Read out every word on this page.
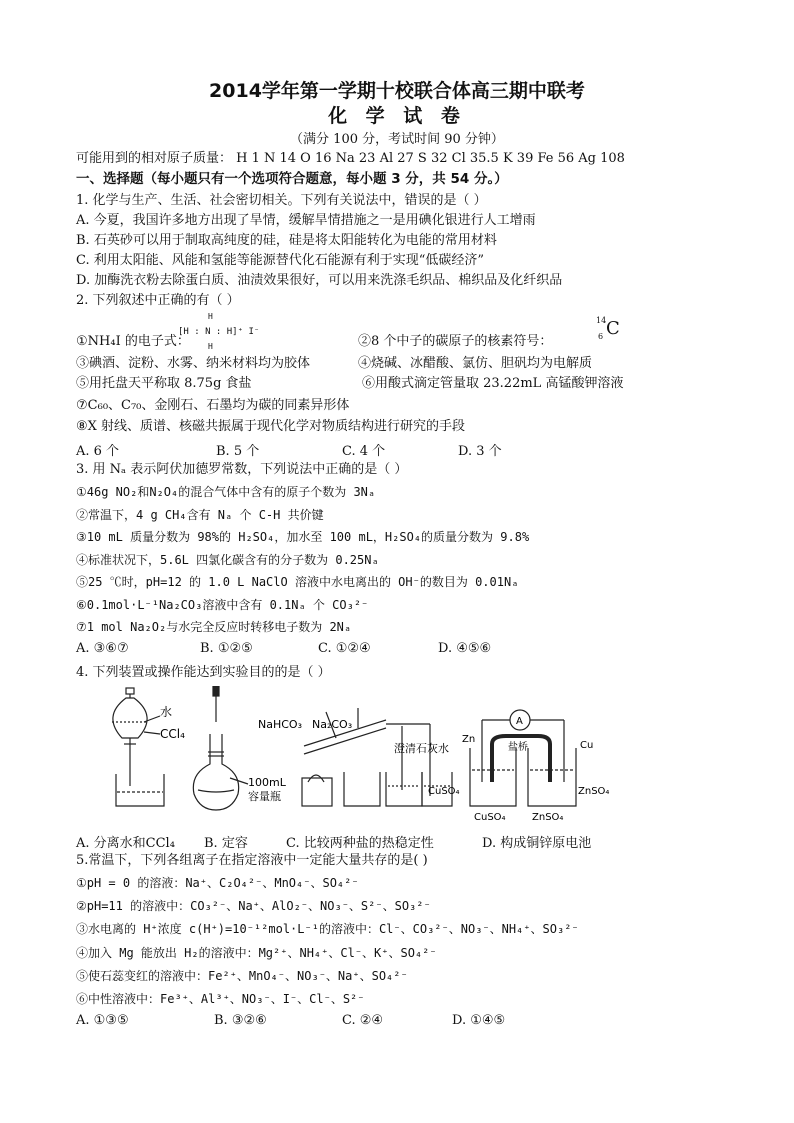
2014学年第一学期十校联合体高三期中联考
化 学 试 卷
（满分 100 分，考试时间 90 分钟）
可能用到的相对原子质量： H 1 N 14 O 16 Na 23 Al 27 S 32 Cl 35.5 K 39 Fe 56 Ag 108
一、选择题（每小题只有一个选项符合题意，每小题 3 分，共 54 分。）
1. 化学与生产、生活、社会密切相关。下列有关说法中，错误的是（ ）
A. 今夏，我国许多地方出现了旱情，缓解旱情措施之一是用碘化银进行人工增雨
B. 石英砂可以用于制取高纯度的硅，硅是将太阳能转化为电能的常用材料
C. 利用太阳能、风能和氢能等能源替代化石能源有利于实现“低碳经济”
D. 加酶洗衣粉去除蛋白质、油渍效果很好，可以用来洗涤毛织品、棉织品及化纤织品
2. 下列叙述中正确的有（ ）
①NH₄I 的电子式：
H
[H : N : H]⁺ I⁻
H	②8 个中子的碳原子的核素符号：
14
6 C
③碘酒、淀粉、水雾、纳米材料均为胶体	④烧碱、冰醋酸、氯仿、胆矾均为电解质
⑤用托盘天平称取 8.75g 食盐	⑥用酸式滴定管量取 23.22mL 高锰酸钾溶液
⑦C₆₀、C₇₀、金刚石、石墨均为碳的同素异形体
⑧X 射线、质谱、核磁共振属于现代化学对物质结构进行研究的手段
A. 6 个	B. 5 个	C. 4 个	D. 3 个
3. 用 Nₐ 表示阿伏加德罗常数，下列说法中正确的是（ ）
①46g NO₂和N₂O₄的混合气体中含有的原子个数为 3Nₐ
②常温下，4 g CH₄含有 Nₐ 个 C-H 共价键
③10 mL 质量分数为 98%的 H₂SO₄，加水至 100 mL，H₂SO₄的质量分数为 9.8%
④标准状况下，5.6L 四氯化碳含有的分子数为 0.25Nₐ
⑤25 ℃时，pH=12 的 1.0 L NaClO 溶液中水电离出的 OH⁻的数目为 0.01Nₐ
⑥0.1mol·L⁻¹Na₂CO₃溶液中含有 0.1Nₐ 个 CO₃²⁻
⑦1 mol Na₂O₂与水完全反应时转移电子数为 2Nₐ
A. ③⑥⑦	B. ①②⑤	C. ①②④	D. ④⑤⑥
4. 下列装置或操作能达到实验目的的是（ ）
水
CCl₄
100mL
容量瓶
NaHCO₃ Na₂CO₃
澄清石灰水
A
盐桥
Zn
Cu
CuSO₄	ZnSO₄
CuSO₄	ZnSO₄
A. 分离水和CCl₄ B. 定容	C. 比较两种盐的热稳定性	D. 构成铜锌原电池
5.常温下，下列各组离子在指定溶液中一定能大量共存的是( )
①pH = 0 的溶液：Na⁺、C₂O₄²⁻、MnO₄⁻、SO₄²⁻
②pH=11 的溶液中：CO₃²⁻、Na⁺、AlO₂⁻、NO₃⁻、S²⁻、SO₃²⁻
③水电离的 H⁺浓度 c(H⁺)=10⁻¹²mol·L⁻¹的溶液中：Cl⁻、CO₃²⁻、NO₃⁻、NH₄⁺、SO₃²⁻
④加入 Mg 能放出 H₂的溶液中：Mg²⁺、NH₄⁺、Cl⁻、K⁺、SO₄²⁻
⑤使石蕊变红的溶液中：Fe²⁺、MnO₄⁻、NO₃⁻、Na⁺、SO₄²⁻
⑥中性溶液中：Fe³⁺、Al³⁺、NO₃⁻、I⁻、Cl⁻、S²⁻
A. ①③⑤	B. ③②⑥	C. ②④	D. ①④⑤
